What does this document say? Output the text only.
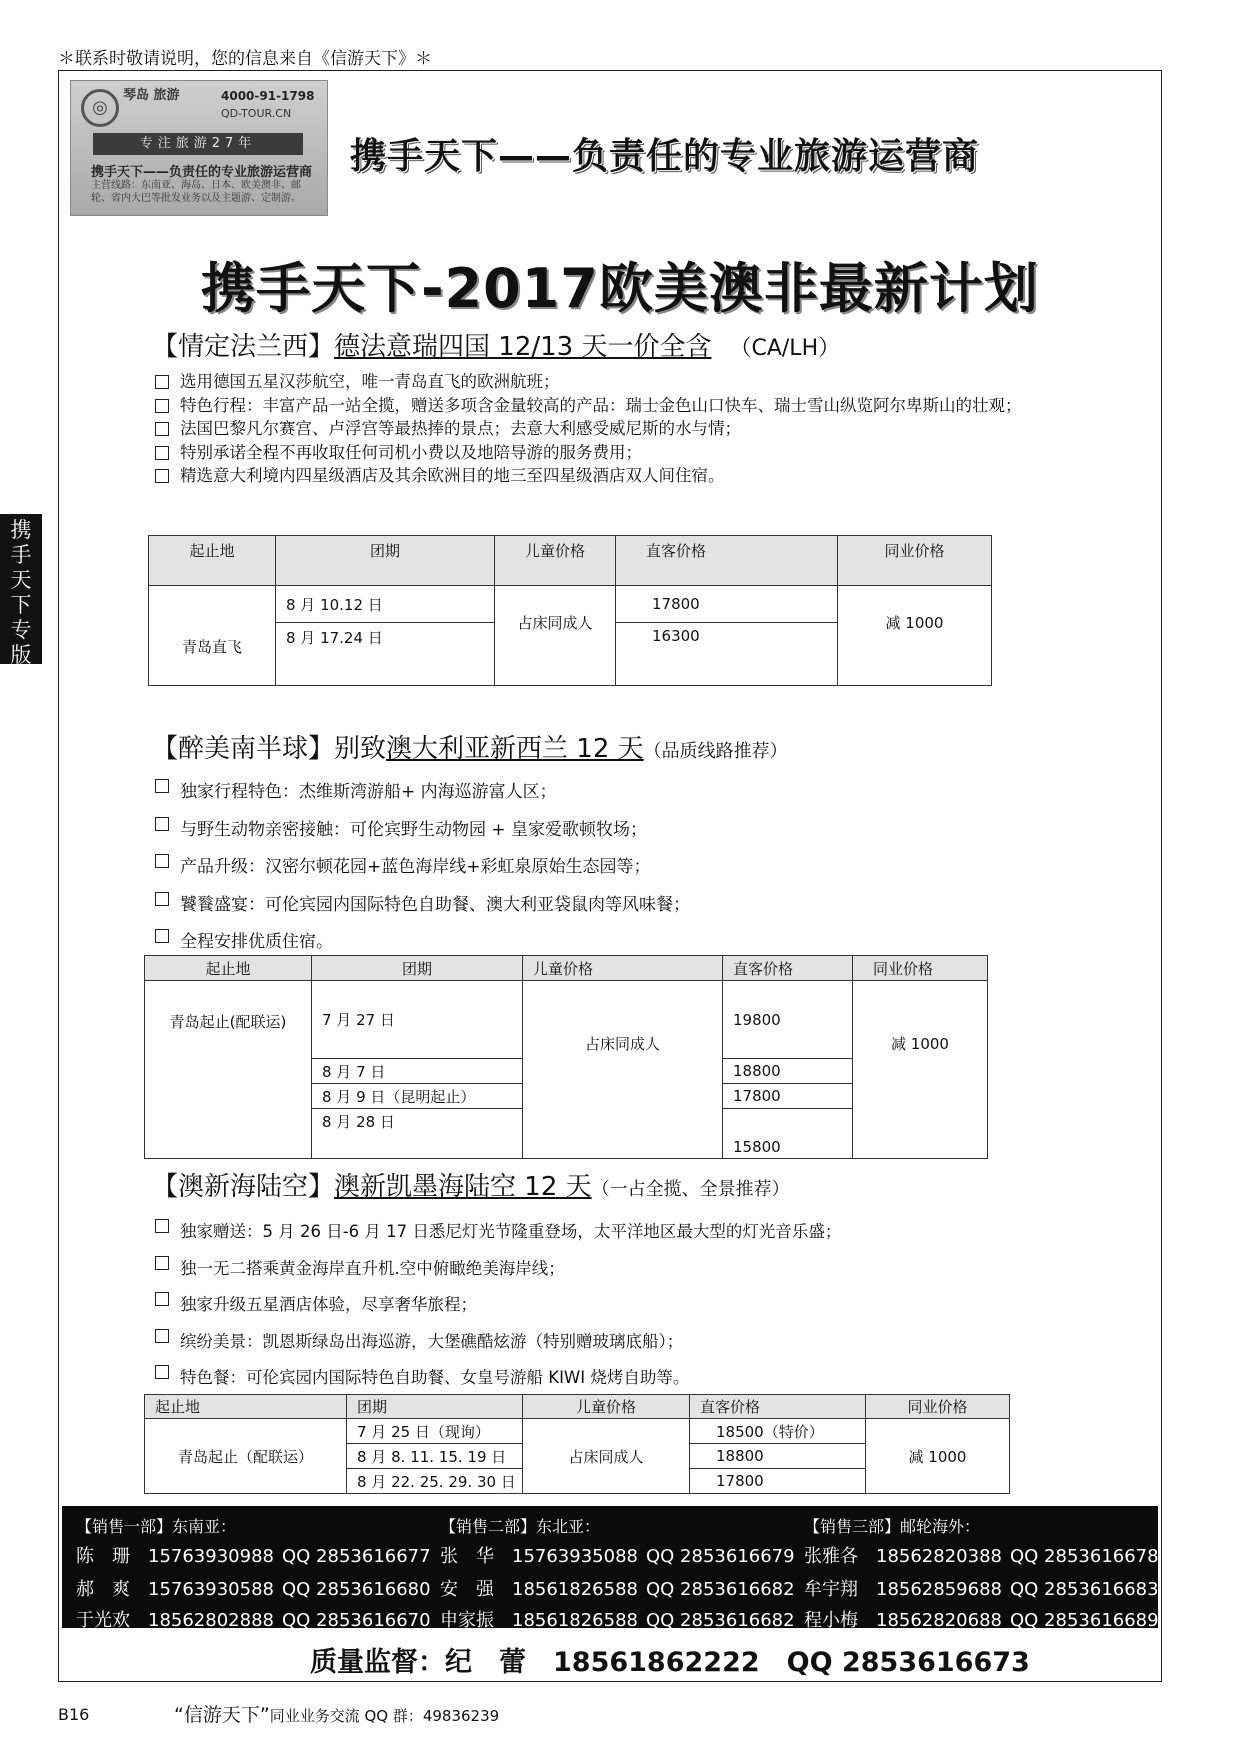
＊联系时敬请说明，您的信息来自《信游天下》＊
携
手
天
下
专
版
◎
琴岛 旅游	4000-91-1798
QD-TOUR.CN
专注旅游27年
携手天下——负责任的专业旅游运营商
主营线路：东南亚、海岛、日本、欧美澳非、邮轮、省内大巴等批发业务以及主题游、定制游。
携手天下——负责任的专业旅游运营商
携手天下-2017欧美澳非最新计划
【情定法兰西】德法意瑞四国 12/13 天一价全含 （CA/LH）
选用德国五星汉莎航空，唯一青岛直飞的欧洲航班；
特色行程：丰富产品一站全揽，赠送多项含金量较高的产品：瑞士金色山口快车、瑞士雪山纵览阿尔卑斯山的壮观；
法国巴黎凡尔赛宫、卢浮宫等最热捧的景点；去意大利感受威尼斯的水与情；
特别承诺全程不再收取任何司机小费以及地陪导游的服务费用；
精选意大利境内四星级酒店及其余欧洲目的地三至四星级酒店双人间住宿。
起止地	团期	儿童价格	直客价格	同业价格
青岛直飞	8 月 10.12 日	占床同成人	17800	减 1000
	8 月 17.24 日		16300	
【醉美南半球】别致澳大利亚新西兰 12 天（品质线路推荐）
独家行程特色：杰维斯湾游船+ 内海巡游富人区；
与野生动物亲密接触：可伦宾野生动物园 + 皇家爱歌顿牧场；
产品升级：汉密尔顿花园+蓝色海岸线+彩虹泉原始生态园等；
饕餮盛宴：可伦宾园内国际特色自助餐、澳大利亚袋鼠肉等风味餐；
全程安排优质住宿。
起止地	团期	儿童价格	直客价格	同业价格
青岛起止(配联运)	7 月 27 日	占床同成人	19800	减 1000
	8 月 7 日		18800	
	8 月 9 日（昆明起止）		17800	
	8 月 28 日		15800	
【澳新海陆空】澳新凯墨海陆空 12 天（一占全揽、全景推荐）
独家赠送：5 月 26 日-6 月 17 日悉尼灯光节隆重登场，太平洋地区最大型的灯光音乐盛；
独一无二搭乘黄金海岸直升机.空中俯瞰绝美海岸线；
独家升级五星酒店体验，尽享奢华旅程；
缤纷美景：凯恩斯绿岛出海巡游，大堡礁酷炫游（特别赠玻璃底船）；
特色餐：可伦宾园内国际特色自助餐、女皇号游船 KIWI 烧烤自助等。
起止地	团期	儿童价格	直客价格	同业价格
青岛起止（配联运）	7 月 25 日（现询）	占床同成人	18500（特价）	减 1000
	8 月 8. 11. 15. 19 日		18800	
	8 月 22. 25. 29. 30 日		17800	
【销售一部】东南亚：
陈　珊 15763930988 QQ 2853616677
郝　爽 15763930588 QQ 2853616680
于光欢 18562802888 QQ 2853616670
【销售二部】东北亚：
张　华 15763935088 QQ 2853616679
安　强 18561826588 QQ 2853616682
申家振 18561826588 QQ 2853616682
【销售三部】邮轮海外：
张雅各 18562820388 QQ 2853616678
牟宇翔 18562859688 QQ 2853616683
程小梅 18562820688 QQ 2853616689
质量监督：纪　蕾　18561862222　QQ 2853616673
B16	“信游天下”同业业务交流 QQ 群：49836239
